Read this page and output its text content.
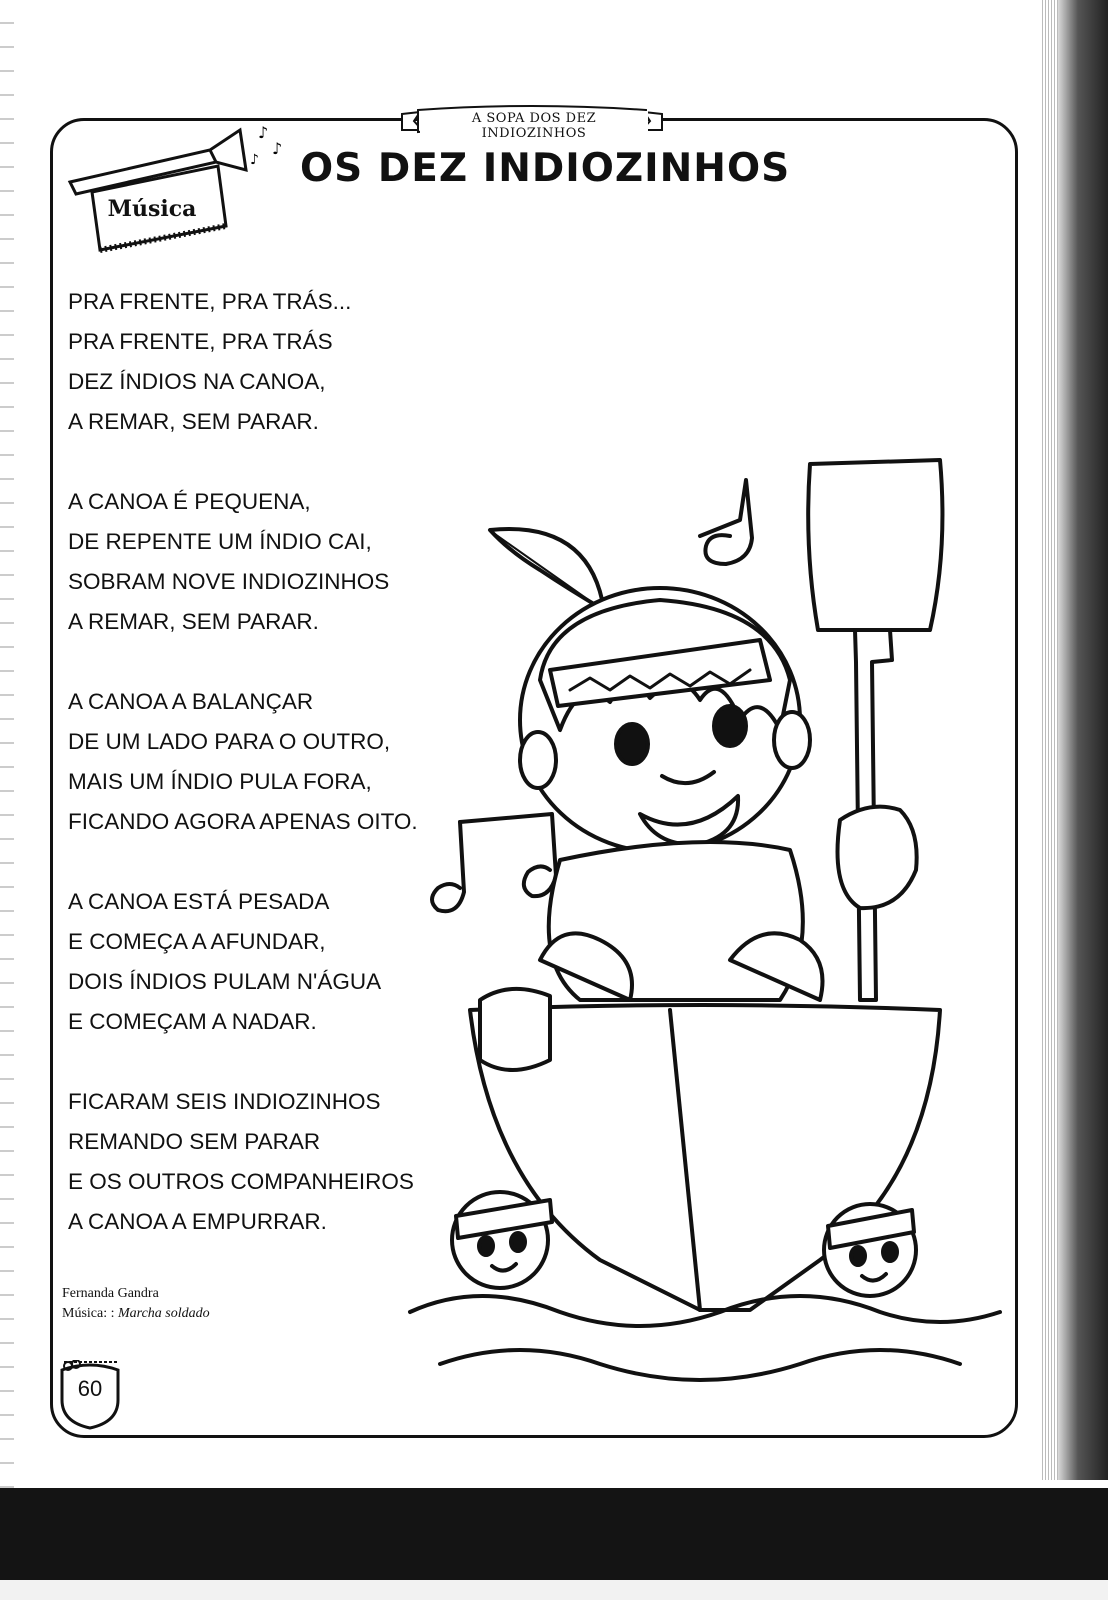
A SOPA DOS DEZ INDIOZINHOS
♪
♪
♪
Música
OS DEZ INDIOZINHOS
PRA FRENTE, PRA TRÁS...
PRA FRENTE, PRA TRÁS
DEZ ÍNDIOS NA CANOA,
A REMAR, SEM PARAR.
A CANOA É PEQUENA,
DE REPENTE UM ÍNDIO CAI,
SOBRAM NOVE INDIOZINHOS
A REMAR, SEM PARAR.
A CANOA A BALANÇAR
DE UM LADO PARA O OUTRO,
MAIS UM ÍNDIO PULA FORA,
FICANDO AGORA APENAS OITO.
A CANOA ESTÁ PESADA
E COMEÇA A AFUNDAR,
DOIS ÍNDIOS PULAM N'ÁGUA
E COMEÇAM A NADAR.
FICARAM SEIS INDIOZINHOS
REMANDO SEM PARAR
E OS OUTROS COMPANHEIROS
A CANOA A EMPURRAR.
Fernanda Gandra
Música: : Marcha soldado
60
